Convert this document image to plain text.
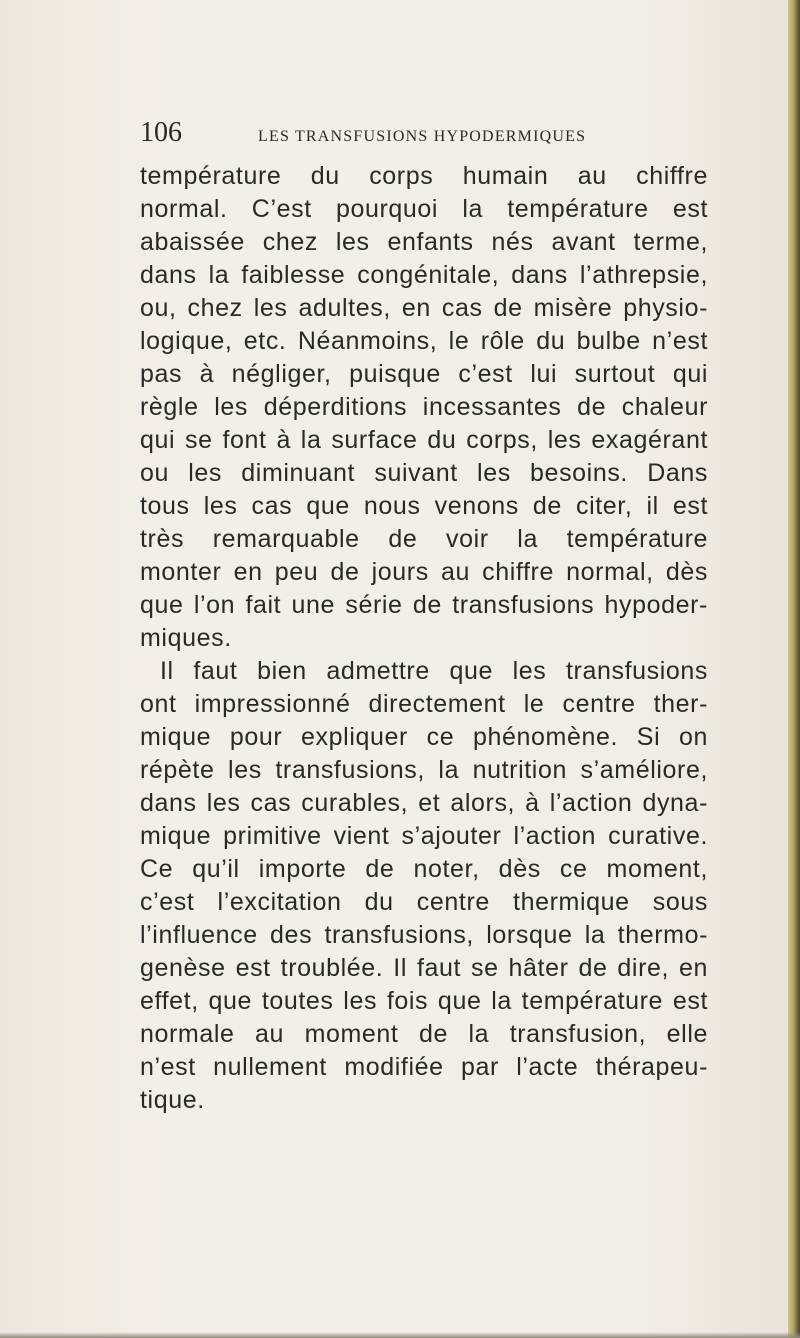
106	LES TRANSFUSIONS HYPODERMIQUES
température du corps humain au chiffre
normal. C’est pourquoi la température est
abaissée chez les enfants nés avant terme,
dans la faiblesse congénitale, dans l’athrepsie,
ou, chez les adultes, en cas de misère physio-
logique, etc. Néanmoins, le rôle du bulbe n’est
pas à négliger, puisque c’est lui surtout qui
règle les déperditions incessantes de chaleur
qui se font à la surface du corps, les exagérant
ou les diminuant suivant les besoins. Dans
tous les cas que nous venons de citer, il est
très remarquable de voir la température
monter en peu de jours au chiffre normal, dès
que l’on fait une série de transfusions hypoder-
miques.
Il faut bien admettre que les transfusions
ont impressionné directement le centre ther-
mique pour expliquer ce phénomène. Si on
répète les transfusions, la nutrition s’améliore,
dans les cas curables, et alors, à l’action dyna-
mique primitive vient s’ajouter l’action curative.
Ce qu’il importe de noter, dès ce moment,
c’est l’excitation du centre thermique sous
l’influence des transfusions, lorsque la thermo-
genèse est troublée. Il faut se hâter de dire, en
effet, que toutes les fois que la température est
normale au moment de la transfusion, elle
n’est nullement modifiée par l’acte thérapeu-
tique.
